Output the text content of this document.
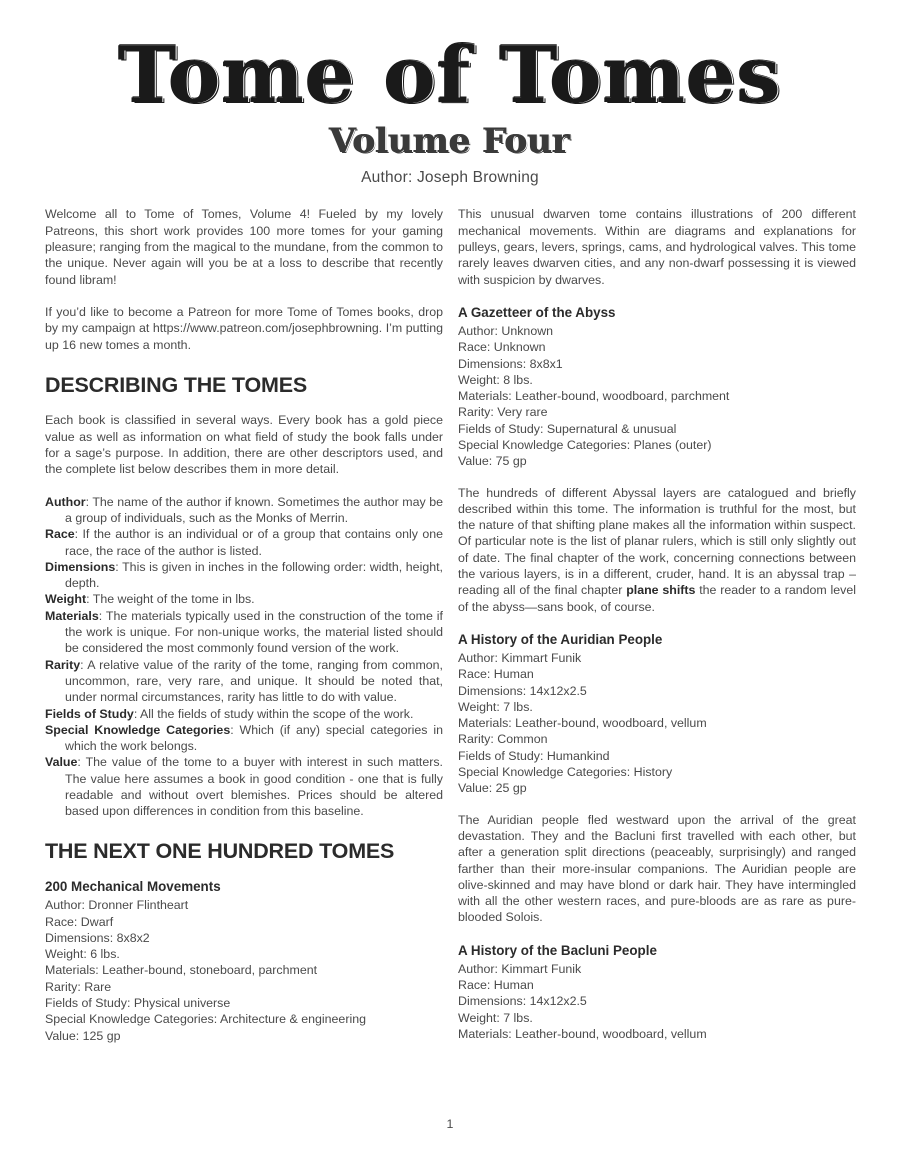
Tome of Tomes
Volume Four
Author: Joseph Browning

Welcome all to Tome of Tomes, Volume 4! Fueled by my lovely Patreons, this short work provides 100 more tomes for your gaming pleasure; ranging from the magical to the mundane, from the common to the unique. Never again will you be at a loss to describe that recently found libram!

If you’d like to become a Patreon for more Tome of Tomes books, drop by my campaign at https://www.patreon.com/josephbrowning. I’m putting up 16 new tomes a month.

DESCRIBING THE TOMES

Each book is classified in several ways. Every book has a gold piece value as well as information on what field of study the book falls under for a sage’s purpose. In addition, there are other descriptors used, and the complete list below describes them in more detail.

Author: The name of the author if known. Sometimes the author may be a group of individuals, such as the Monks of Merrin.

Race: If the author is an individual or of a group that contains only one race, the race of the author is listed.

Dimensions: This is given in inches in the following order: width, height, depth.

Weight: The weight of the tome in lbs.

Materials: The materials typically used in the construction of the tome if the work is unique. For non-unique works, the material listed should be considered the most commonly found version of the work.

Rarity: A relative value of the rarity of the tome, ranging from common, uncommon, rare, very rare, and unique. It should be noted that, under normal circumstances, rarity has little to do with value.

Fields of Study: All the fields of study within the scope of the work.

Special Knowledge Categories: Which (if any) special categories in which the work belongs.

Value: The value of the tome to a buyer with interest in such matters. The value here assumes a book in good condition - one that is fully readable and without overt blemishes. Prices should be altered based upon differences in condition from this baseline.

THE NEXT ONE HUNDRED TOMES
200 Mechanical Movements
Author: Dronner Flintheart
Race: Dwarf
Dimensions: 8x8x2
Weight: 6 lbs.
Materials: Leather-bound, stoneboard, parchment
Rarity: Rare
Fields of Study: Physical universe
Special Knowledge Categories: Architecture & engineering
Value: 125 gp

This unusual dwarven tome contains illustrations of 200 different mechanical movements. Within are diagrams and explanations for pulleys, gears, levers, springs, cams, and hydrological valves. This tome rarely leaves dwarven cities, and any non-dwarf possessing it is viewed with suspicion by dwarves.

A Gazetteer of the Abyss
Author: Unknown
Race: Unknown
Dimensions: 8x8x1
Weight: 8 lbs.
Materials: Leather-bound, woodboard, parchment
Rarity: Very rare
Fields of Study: Supernatural & unusual
Special Knowledge Categories: Planes (outer)
Value: 75 gp

The hundreds of different Abyssal layers are catalogued and briefly described within this tome. The information is truthful for the most, but the nature of that shifting plane makes all the information within suspect. Of particular note is the list of planar rulers, which is still only slightly out of date. The final chapter of the work, concerning connections between the various layers, is in a different, cruder, hand. It is an abyssal trap – reading all of the final chapter plane shifts the reader to a random level of the abyss—sans book, of course.

A History of the Auridian People
Author: Kimmart Funik
Race: Human
Dimensions: 14x12x2.5
Weight: 7 lbs.
Materials: Leather-bound, woodboard, vellum
Rarity: Common
Fields of Study: Humankind
Special Knowledge Categories: History
Value: 25 gp

The Auridian people fled westward upon the arrival of the great devastation. They and the Bacluni first travelled with each other, but after a generation split directions (peaceably, surprisingly) and ranged farther than their more-insular companions. The Auridian people are olive-skinned and may have blond or dark hair. They have intermingled with all the other western races, and pure-bloods are as rare as pure-blooded Solois.

A History of the Bacluni People
Author: Kimmart Funik
Race: Human
Dimensions: 14x12x2.5
Weight: 7 lbs.
Materials: Leather-bound, woodboard, vellum
1
